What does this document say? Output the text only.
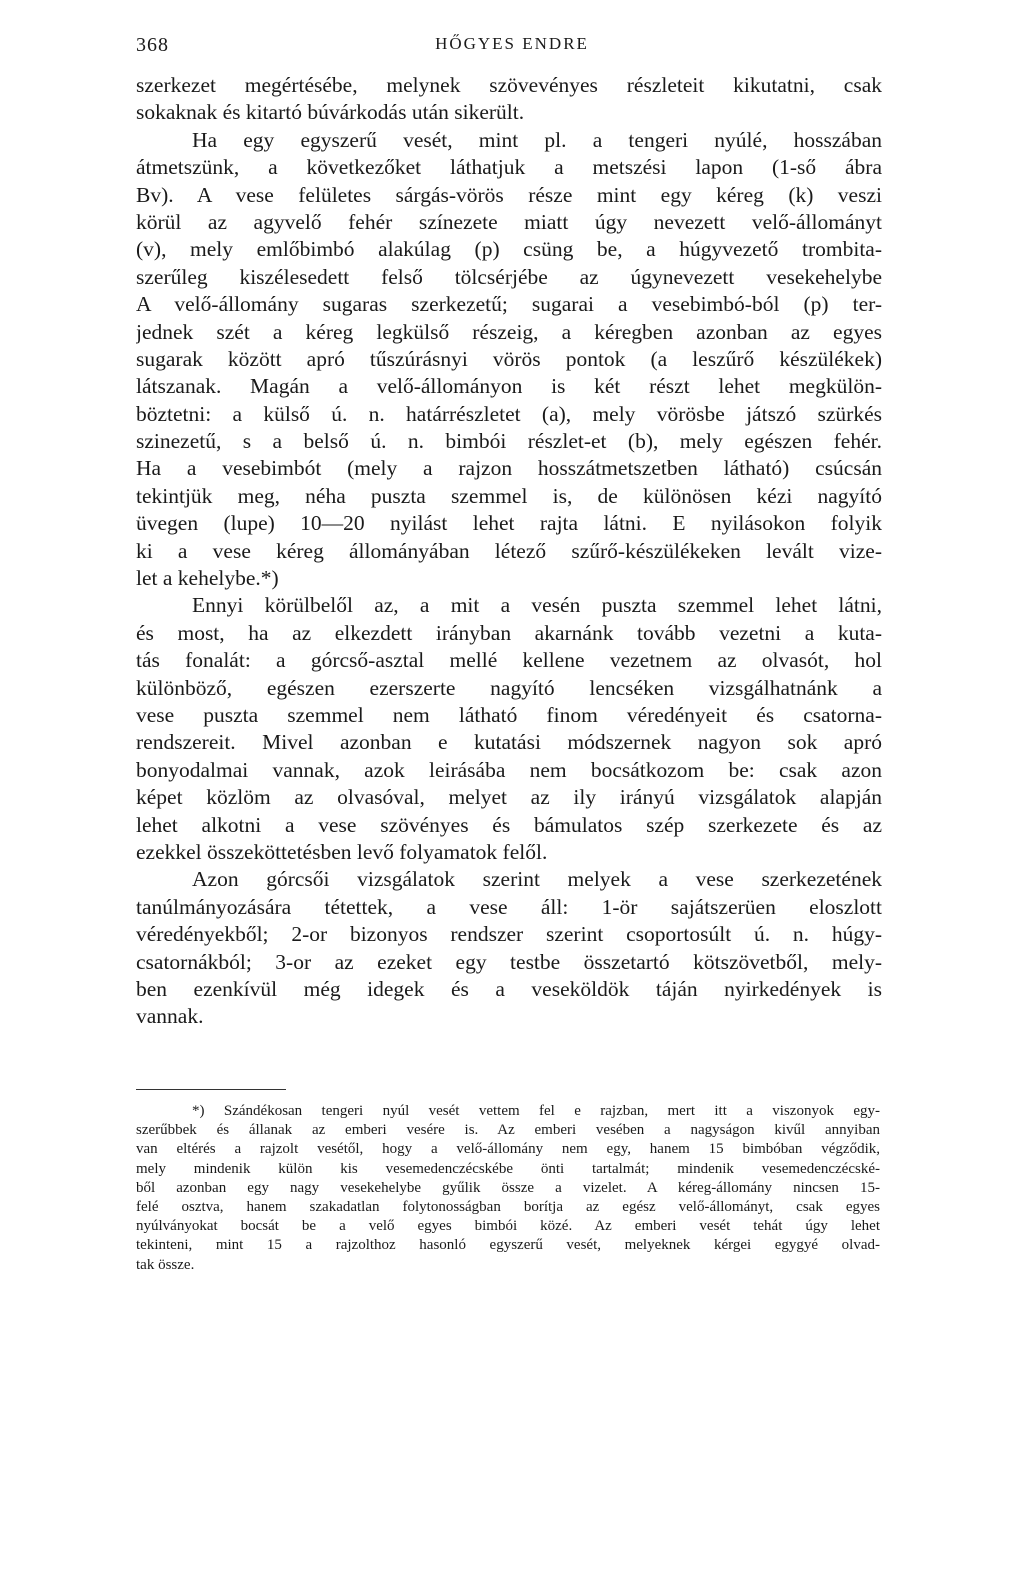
368	HŐGYES ENDRE
szerkezet megértésébe, melynek szövevényes részleteit kikutatni, csak
sokaknak és kitartó búvárkodás után sikerült.
Ha egy egyszerű vesét, mint pl. a tengeri nyúlé, hosszában
átmetszünk, a következőket láthatjuk a metszési lapon (1-ső ábra
Bv). A vese felületes sárgás-vörös része mint egy kéreg (k) veszi
körül az agyvelő fehér színezete miatt úgy nevezett velő-állományt
(v), mely emlőbimbó alakúlag (p) csüng be, a húgyvezető trombita-
szerűleg kiszélesedett felső tölcsérjébe az úgynevezett vesekehelybe
A velő-állomány sugaras szerkezetű; sugarai a vesebimbó-ból (p) ter-
jednek szét a kéreg legkülső részeig, a kéregben azonban az egyes
sugarak között apró tűszúrásnyi vörös pontok (a leszűrő készülékek)
látszanak. Magán a velő-állományon is két részt lehet megkülön-
böztetni: a külső ú. n. határrészletet (a), mely vörösbe játszó szürkés
szinezetű, s a belső ú. n. bimbói részlet-et (b), mely egészen fehér.
Ha a vesebimbót (mely a rajzon hosszátmetszetben látható) csúcsán
tekintjük meg, néha puszta szemmel is, de különösen kézi nagyító
üvegen (lupe) 10—20 nyilást lehet rajta látni. E nyilásokon folyik
ki a vese kéreg állományában létező szűrő-készülékeken levált vize-
let a kehelybe.*)
Ennyi körülbelől az, a mit a vesén puszta szemmel lehet látni,
és most, ha az elkezdett irányban akarnánk tovább vezetni a kuta-
tás fonalát: a górcső-asztal mellé kellene vezetnem az olvasót, hol
különböző, egészen ezerszerte nagyító lencséken vizsgálhatnánk a
vese puszta szemmel nem látható finom véredényeit és csatorna-
rendszereit. Mivel azonban e kutatási módszernek nagyon sok apró
bonyodalmai vannak, azok leirásába nem bocsátkozom be: csak azon
képet közlöm az olvasóval, melyet az ily irányú vizsgálatok alapján
lehet alkotni a vese szövényes és bámulatos szép szerkezete és az
ezekkel összeköttetésben levő folyamatok felől.
Azon górcsői vizsgálatok szerint melyek a vese szerkezetének
tanúlmányozására tétettek, a vese áll: 1-ör sajátszerüen eloszlott
véredényekből; 2-or bizonyos rendszer szerint csoportosúlt ú. n. húgy-
csatornákból; 3-or az ezeket egy testbe összetartó kötszövetből, mely-
ben ezenkívül még idegek és a veseköldök táján nyirkedények is
vannak.
*) Szándékosan tengeri nyúl vesét vettem fel e rajzban, mert itt a viszonyok egy-
szerűbbek és állanak az emberi vesére is. Az emberi vesében a nagyságon kivűl annyiban
van eltérés a rajzolt vesétől, hogy a velő-állomány nem egy, hanem 15 bimbóban végződik,
mely mindenik külön kis vesemedenczécskébe önti tartalmát; mindenik vesemedenczécské-
ből azonban egy nagy vesekehelybe gyűlik össze a vizelet. A kéreg-állomány nincsen 15-
felé osztva, hanem szakadatlan folytonosságban borítja az egész velő-állományt, csak egyes
nyúlványokat bocsát be a velő egyes bimbói közé. Az emberi vesét tehát úgy lehet
tekinteni, mint 15 a rajzolthoz hasonló egyszerű vesét, melyeknek kérgei egygyé olvad-
tak össze.
